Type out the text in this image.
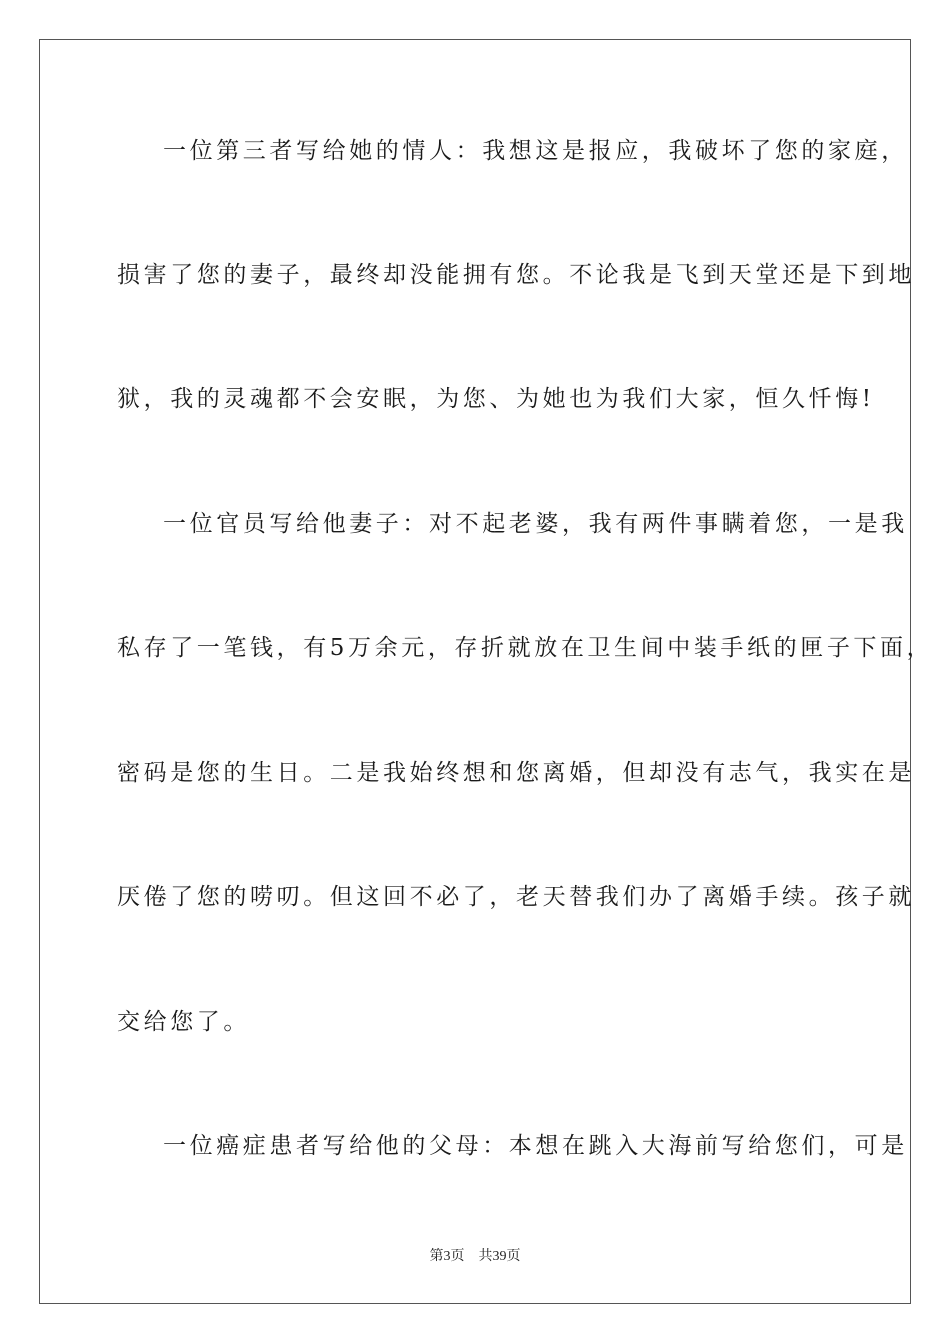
一位第三者写给她的情人：我想这是报应，我破坏了您的家庭，
损害了您的妻子，最终却没能拥有您。不论我是飞到天堂还是下到地
狱，我的灵魂都不会安眠，为您、为她也为我们大家，恒久忏悔!
一位官员写给他妻子：对不起老婆，我有两件事瞒着您，一是我
私存了一笔钱，有5万余元，存折就放在卫生间中装手纸的匣子下面，
密码是您的生日。二是我始终想和您离婚，但却没有志气，我实在是
厌倦了您的唠叨。但这回不必了，老天替我们办了离婚手续。孩子就
交给您了。
一位癌症患者写给他的父母：本想在跳入大海前写给您们，可是
第3页 共39页
